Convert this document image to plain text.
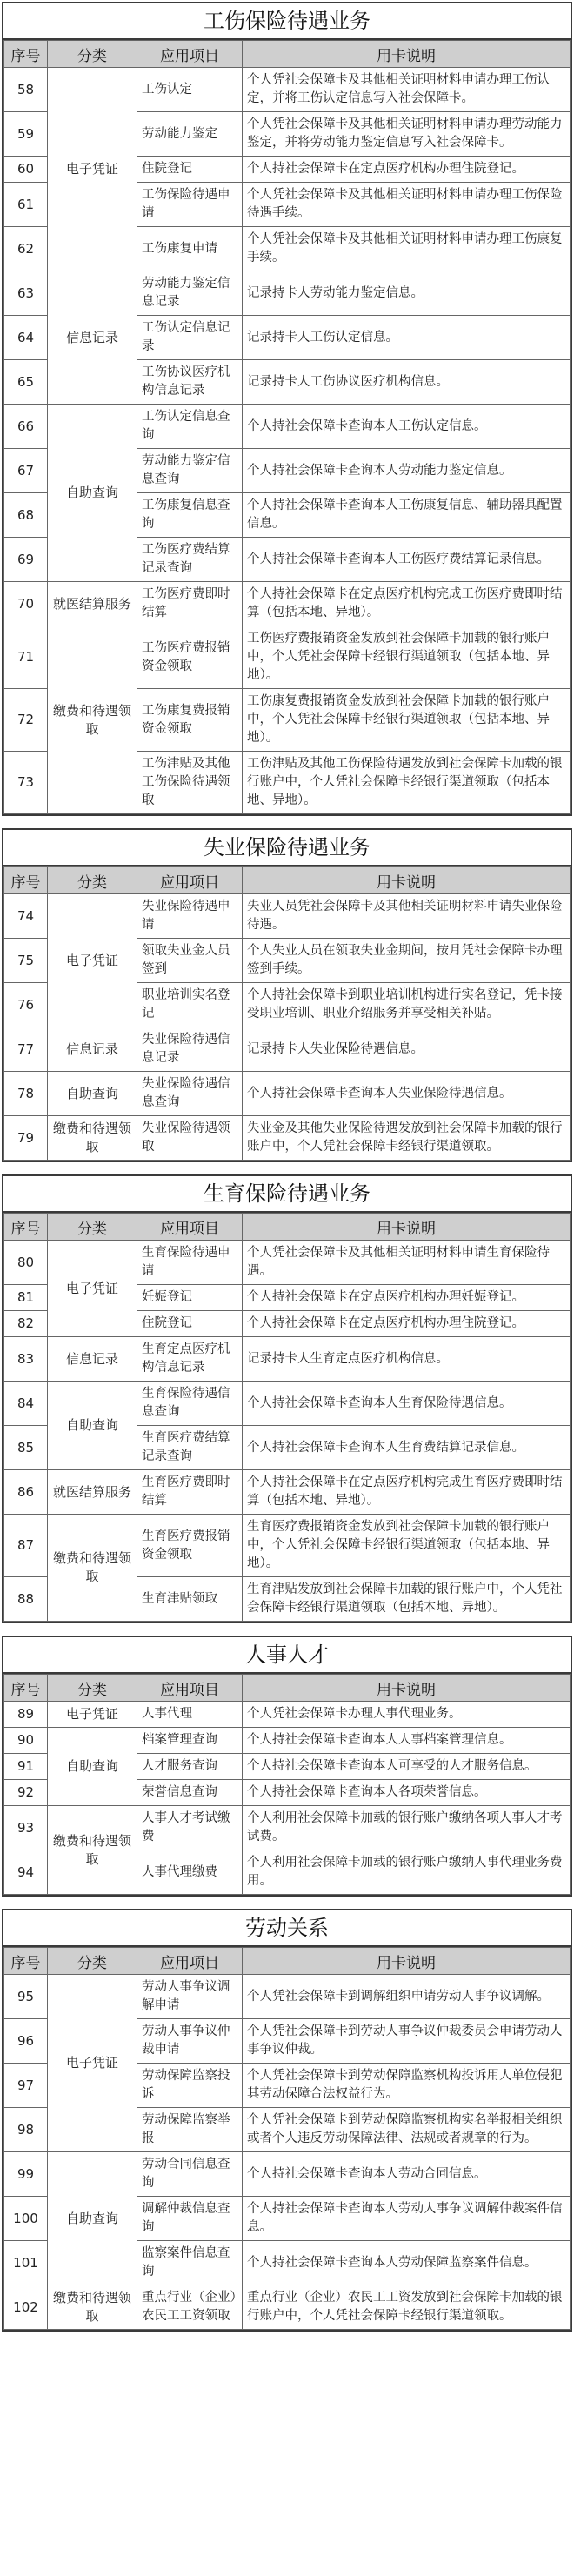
工伤保险待遇业务
序号	分类	应用项目	用卡说明
58	电子凭证	工伤认定	个人凭社会保障卡及其他相关证明材料申请办理工伤认定，并将工伤认定信息写入社会保障卡。
59		劳动能力鉴定	个人凭社会保障卡及其他相关证明材料申请办理劳动能力鉴定，并将劳动能力鉴定信息写入社会保障卡。
60		住院登记	个人持社会保障卡在定点医疗机构办理住院登记。
61		工伤保险待遇申请	个人凭社会保障卡及其他相关证明材料申请办理工伤保险待遇手续。
62		工伤康复申请	个人凭社会保障卡及其他相关证明材料申请办理工伤康复手续。
63	信息记录	劳动能力鉴定信息记录	记录持卡人劳动能力鉴定信息。
64		工伤认定信息记录	记录持卡人工伤认定信息。
65		工伤协议医疗机构信息记录	记录持卡人工伤协议医疗机构信息。
66	自助查询	工伤认定信息查询	个人持社会保障卡查询本人工伤认定信息。
67		劳动能力鉴定信息查询	个人持社会保障卡查询本人劳动能力鉴定信息。
68		工伤康复信息查询	个人持社会保障卡查询本人工伤康复信息、辅助器具配置信息。
69		工伤医疗费结算记录查询	个人持社会保障卡查询本人工伤医疗费结算记录信息。
70	就医结算服务	工伤医疗费即时结算	个人持社会保障卡在定点医疗机构完成工伤医疗费即时结算（包括本地、异地）。
71	缴费和待遇领取	工伤医疗费报销资金领取	工伤医疗费报销资金发放到社会保障卡加载的银行账户中，个人凭社会保障卡经银行渠道领取（包括本地、异地）。
72		工伤康复费报销资金领取	工伤康复费报销资金发放到社会保障卡加载的银行账户中，个人凭社会保障卡经银行渠道领取（包括本地、异地）。
73		工伤津贴及其他工伤保险待遇领取	工伤津贴及其他工伤保险待遇发放到社会保障卡加载的银行账户中，个人凭社会保障卡经银行渠道领取（包括本地、异地）。
失业保险待遇业务
序号	分类	应用项目	用卡说明
74	电子凭证	失业保险待遇申请	失业人员凭社会保障卡及其他相关证明材料申请失业保险待遇。
75		领取失业金人员签到	个人失业人员在领取失业金期间，按月凭社会保障卡办理签到手续。
76		职业培训实名登记	个人持社会保障卡到职业培训机构进行实名登记，凭卡接受职业培训、职业介绍服务并享受相关补贴。
77	信息记录	失业保险待遇信息记录	记录持卡人失业保险待遇信息。
78	自助查询	失业保险待遇信息查询	个人持社会保障卡查询本人失业保险待遇信息。
79	缴费和待遇领取	失业保险待遇领取	失业金及其他失业保险待遇发放到社会保障卡加载的银行账户中，个人凭社会保障卡经银行渠道领取。
生育保险待遇业务
序号	分类	应用项目	用卡说明
80	电子凭证	生育保险待遇申请	个人凭社会保障卡及其他相关证明材料申请生育保险待遇。
81		妊娠登记	个人持社会保障卡在定点医疗机构办理妊娠登记。
82		住院登记	个人持社会保障卡在定点医疗机构办理住院登记。
83	信息记录	生育定点医疗机构信息记录	记录持卡人生育定点医疗机构信息。
84	自助查询	生育保险待遇信息查询	个人持社会保障卡查询本人生育保险待遇信息。
85		生育医疗费结算记录查询	个人持社会保障卡查询本人生育费结算记录信息。
86	就医结算服务	生育医疗费即时结算	个人持社会保障卡在定点医疗机构完成生育医疗费即时结算（包括本地、异地）。
87	缴费和待遇领取	生育医疗费报销资金领取	生育医疗费报销资金发放到社会保障卡加载的银行账户中，个人凭社会保障卡经银行渠道领取（包括本地、异地）。
88		生育津贴领取	生育津贴发放到社会保障卡加载的银行账户中，个人凭社会保障卡经银行渠道领取（包括本地、异地）。
人事人才
序号	分类	应用项目	用卡说明
89	电子凭证	人事代理	个人凭社会保障卡办理人事代理业务。
90	自助查询	档案管理查询	个人持社会保障卡查询本人人事档案管理信息。
91		人才服务查询	个人持社会保障卡查询本人可享受的人才服务信息。
92		荣誉信息查询	个人持社会保障卡查询本人各项荣誉信息。
93	缴费和待遇领取	人事人才考试缴费	个人利用社会保障卡加载的银行账户缴纳各项人事人才考试费。
94		人事代理缴费	个人利用社会保障卡加载的银行账户缴纳人事代理业务费用。
劳动关系
序号	分类	应用项目	用卡说明
95	电子凭证	劳动人事争议调解申请	个人凭社会保障卡到调解组织申请劳动人事争议调解。
96		劳动人事争议仲裁申请	个人凭社会保障卡到劳动人事争议仲裁委员会申请劳动人事争议仲裁。
97		劳动保障监察投诉	个人凭社会保障卡到劳动保障监察机构投诉用人单位侵犯其劳动保障合法权益行为。
98		劳动保障监察举报	个人凭社会保障卡到劳动保障监察机构实名举报相关组织或者个人违反劳动保障法律、法规或者规章的行为。
99	自助查询	劳动合同信息查询	个人持社会保障卡查询本人劳动合同信息。
100		调解仲裁信息查询	个人持社会保障卡查询本人劳动人事争议调解仲裁案件信息。
101		监察案件信息查询	个人持社会保障卡查询本人劳动保障监察案件信息。
102	缴费和待遇领取	重点行业（企业）农民工工资领取	重点行业（企业）农民工工资发放到社会保障卡加载的银行账户中，个人凭社会保障卡经银行渠道领取。
